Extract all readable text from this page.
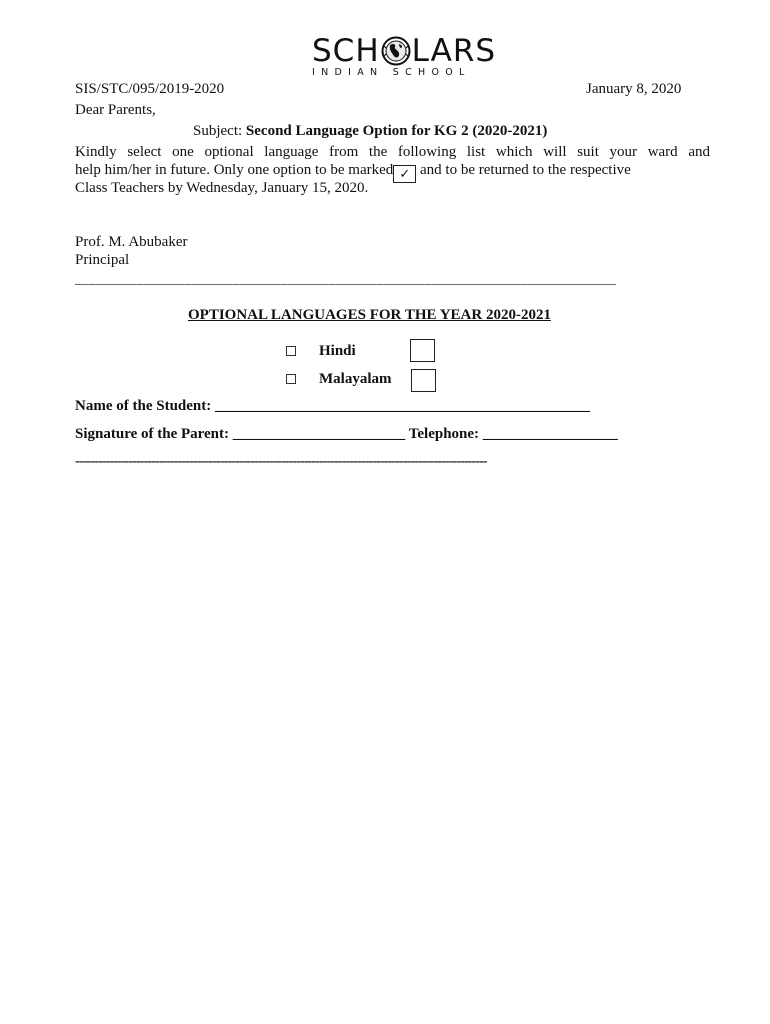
SCH LARS
INDIAN SCHOOL
SIS/STC/095/2019-2020	January 8, 2020
Dear Parents,
Subject: Second Language Option for KG 2 (2020-2021)
Kindly select one optional language from the following list which will suit your ward and
help him/her in future. Only one option to be marked ✓ and to be returned to the respective
Class Teachers by Wednesday, January 15, 2020.
Prof. M. Abubaker
Principal
_______________________________________________________________________________
OPTIONAL LANGUAGES FOR THE YEAR 2020-2021
Hindi
Malayalam
Name of the Student: __________________________________________________
Signature of the Parent: _______________________ Telephone: __________________
------------------------------------------------------------------------------------------------------------
